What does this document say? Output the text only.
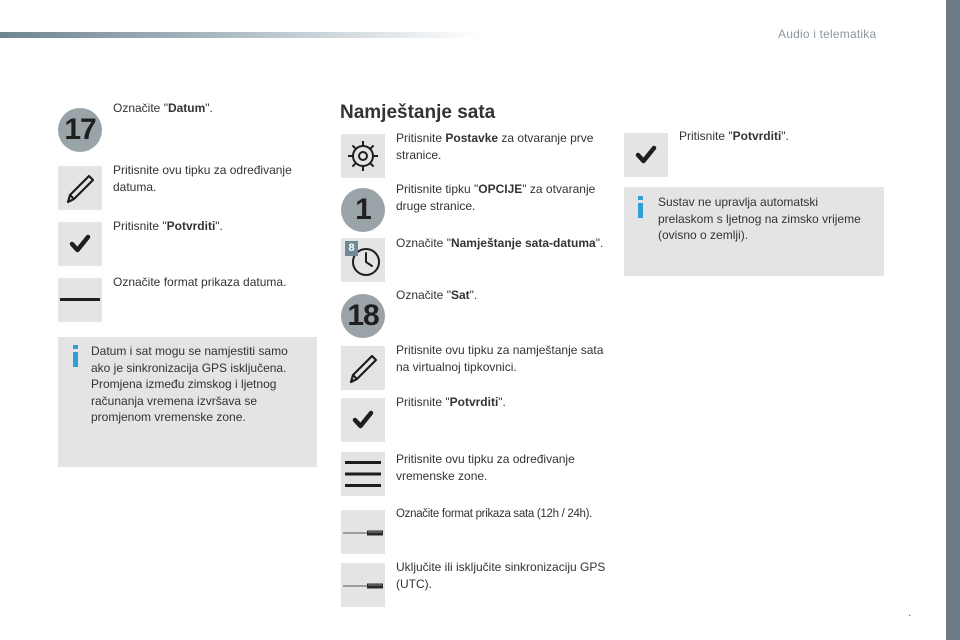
Audio i telematika
17
Označite "Datum".
Pritisnite ovu tipku za određivanje datuma.
Pritisnite "Potvrditi".
Označite format prikaza datuma.
Datum i sat mogu se namjestiti samo ako je sinkronizacija GPS isključena. Promjena između zimskog i ljetnog računanja vremena izvršava se promjenom vremenske zone.
Namještanje sata
Pritisnite Postavke za otvaranje prve stranice.
1
Pritisnite tipku "OPCIJE" za otvaranje druge stranice.
8	Označite "Namještanje sata-datuma".
18
Označite "Sat".
Pritisnite ovu tipku za namještanje sata na virtualnoj tipkovnici.
Pritisnite "Potvrditi".
Pritisnite ovu tipku za određivanje vremenske zone.
Označite format prikaza sata (12h / 24h).
Uključite ili isključite sinkronizaciju GPS (UTC).
Pritisnite "Potvrditi".
Sustav ne upravlja automatski prelaskom s ljetnog na zimsko vrijeme (ovisno o zemlji).
.
